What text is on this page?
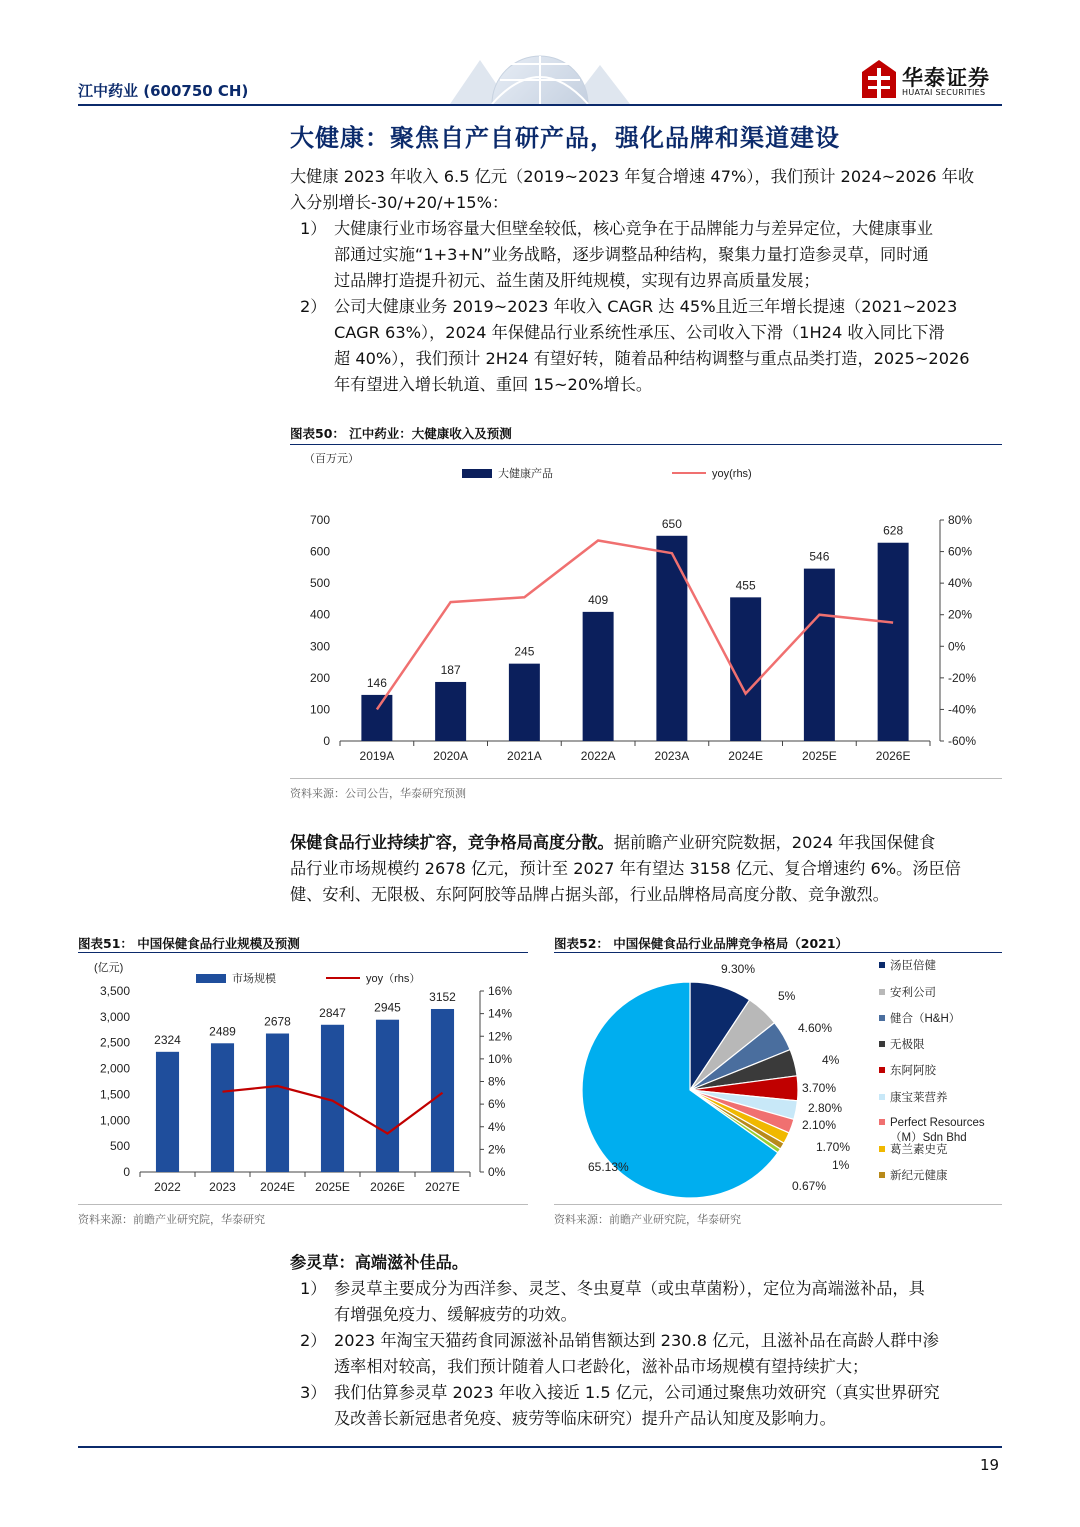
江中药业 (600750 CH)
华泰证券
HUATAI SECURITIES
大健康：聚焦自产自研产品，强化品牌和渠道建设
大健康 2023 年收入 6.5 亿元（2019~2023 年复合增速 47%），我们预计 2024~2026 年收
入分别增长-30/+20/+15%：
1） 大健康行业市场容量大但壁垒较低，核心竞争在于品牌能力与差异定位，大健康事业
部通过实施“1+3+N”业务战略，逐步调整品种结构，聚集力量打造参灵草，同时通
过品牌打造提升初元、益生菌及肝纯规模，实现有边界高质量发展；
2） 公司大健康业务 2019~2023 年收入 CAGR 达 45%且近三年增长提速（2021~2023
CAGR 63%），2024 年保健品行业系统性承压、公司收入下滑（1H24 收入同比下滑
超 40%），我们预计 2H24 有望好转，随着品种结构调整与重点品类打造，2025~2026
年有望进入增长轨道、重回 15~20%增长。
图表50： 江中药业：大健康收入及预测
（百万元）
大健康产品	yoy(rhs)
0
100
200
300
400
500
600
700
-60%
-40%
-20%
0%
20%
40%
60%
80%
146
2019A
187
2020A
245
2021A
409
2022A
650
2023A
455
2024E
546
2025E
628
2026E
资料来源：公司公告，华泰研究预测
保健食品行业持续扩容，竞争格局高度分散。据前瞻产业研究院数据，2024 年我国保健食
品行业市场规模约 2678 亿元，预计至 2027 年有望达 3158 亿元、复合增速约 6%。汤臣倍
健、安利、无限极、东阿阿胶等品牌占据头部，行业品牌格局高度分散、竞争激烈。
图表51： 中国保健食品行业规模及预测
(亿元)
市场规模	yoy（rhs）
0
500
1,000
1,500
2,000
2,500
3,000
3,500
0%
2%
4%
6%
8%
10%
12%
14%
16%
2324
2022
2489
2023
2678
2024E
2847
2025E
2945
2026E
3152
2027E
资料来源：前瞻产业研究院，华泰研究
图表52： 中国保健食品行业品牌竞争格局（2021）
9.30%
5%
4.60%
4%
3.70%
2.80%
2.10%
1.70%
1%
0.67%
65.13%
汤臣倍健
安利公司
健合（H&H）
无极限
东阿阿胶
康宝莱营养
Perfect Resources
（M）Sdn Bhd
葛兰素史克
新纪元健康
资料来源：前瞻产业研究院，华泰研究
参灵草：高端滋补佳品。
1） 参灵草主要成分为西洋参、灵芝、冬虫夏草（或虫草菌粉），定位为高端滋补品，具
有增强免疫力、缓解疲劳的功效。
2） 2023 年淘宝天猫药食同源滋补品销售额达到 230.8 亿元，且滋补品在高龄人群中渗
透率相对较高，我们预计随着人口老龄化，滋补品市场规模有望持续扩大；
3） 我们估算参灵草 2023 年收入接近 1.5 亿元，公司通过聚焦功效研究（真实世界研究
及改善长新冠患者免疫、疲劳等临床研究）提升产品认知度及影响力。
19
